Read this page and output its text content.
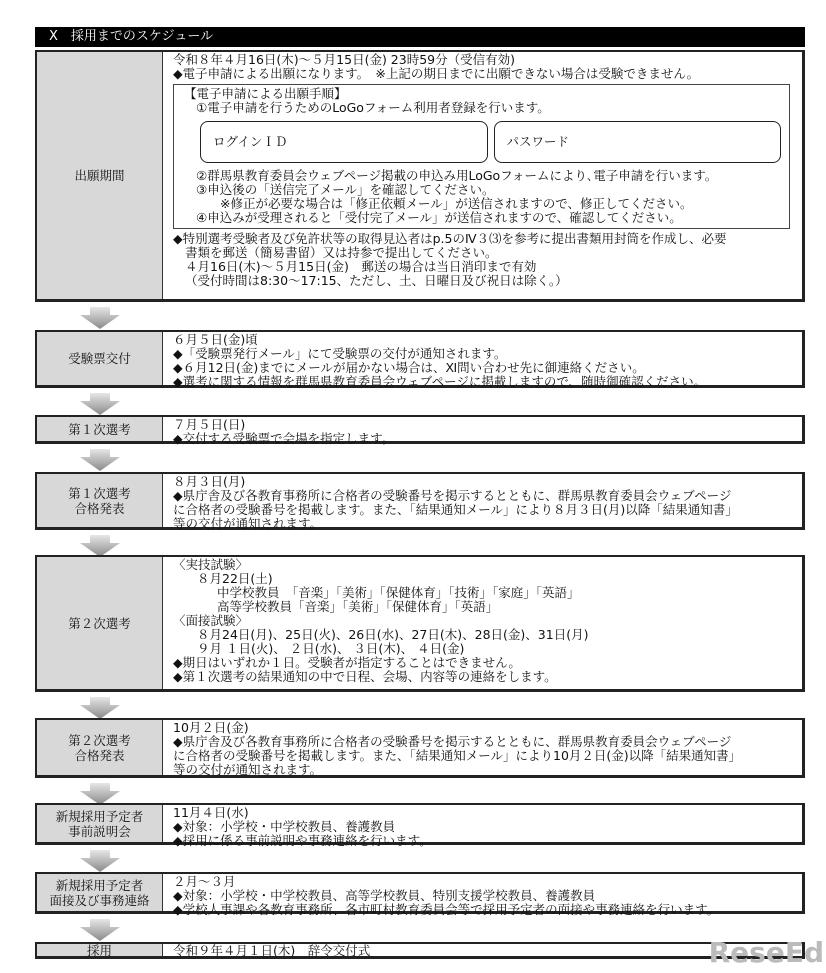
X　採用までのスケジュール
出願期間
令和８年４月16日(木)～５月15日(金) 23時59分（受信有効)
◆電子申請による出願になります。　※上記の期日までに出願できない場合は受験できません。
【電子申請による出願手順】
①電子申請を行うためのLoGoフォーム利用者登録を行います。
ログインＩＤ	パスワード
②群馬県教育委員会ウェブページ掲載の申込み用LoGoフォームにより､電子申請を行います。
③申込後の「送信完了メール」を確認してください。
※修正が必要な場合は「修正依頼メール」が送信されますので、修正してください。
④申込みが受理されると「受付完了メール」が送信されますので、確認してください。
◆特別選考受験者及び免許状等の取得見込者はp.5のⅣ３⑶を参考に提出書類用封筒を作成し、必要
書類を郵送（簡易書留）又は持参で提出してください。
４月16日(木)～５月15日(金)　郵送の場合は当日消印まで有効
（受付時間は8:30～17:15、ただし、土、日曜日及び祝日は除く。）
受験票交付
６月５日(金)頃
◆「受験票発行メール」にて受験票の交付が通知されます。
◆６月12日(金)までにメールが届かない場合は、Ⅺ問い合わせ先に御連絡ください。
◆選考に関する情報を群馬県教育委員会ウェブページに掲載しますので、随時御確認ください。
第１次選考	７月５日(日)
◆交付する受験票で会場を指定します。
第１次選考
合格発表
８月３日(月)
◆県庁舎及び各教育事務所に合格者の受験番号を掲示するとともに、群馬県教育委員会ウェブページ
に合格者の受験番号を掲載します。また、「結果通知メール」により８月３日(月)以降「結果通知書」
等の交付が通知されます。
第２次選考
〈実技試験〉
８月22日(土)
中学校教員　「音楽」「美術」「保健体育」「技術」「家庭」「英語」
高等学校教員「音楽」「美術」「保健体育」「英語」
〈面接試験〉
８月24日(月)、25日(火)、26日(水)、27日(木)、28日(金)、31日(月)
９月 １日(火)、 ２日(水)、 ３日(木)、 ４日(金)
◆期日はいずれか１日。受験者が指定することはできません。
◆第１次選考の結果通知の中で日程、会場、内容等の連絡をします。
第２次選考
合格発表
10月２日(金)
◆県庁舎及び各教育事務所に合格者の受験番号を掲示するとともに、群馬県教育委員会ウェブページ
に合格者の受験番号を掲載します。また、「結果通知メール」により10月２日(金)以降「結果通知書」
等の交付が通知されます。
新規採用予定者
事前説明会
11月４日(水)
◆対象：小学校・中学校教員、養護教員
◆採用に係る事前説明や事務連絡を行います。
新規採用予定者
面接及び事務連絡
２月～３月
◆対象：小学校・中学校教員、高等学校教員、特別支援学校教員、養護教員
◆学校人事課や各教育事務所、各市町村教育委員会等で採用予定者の面接や事務連絡を行います。
採用	令和９年４月１日(木)　辞令交付式	ReseEd
